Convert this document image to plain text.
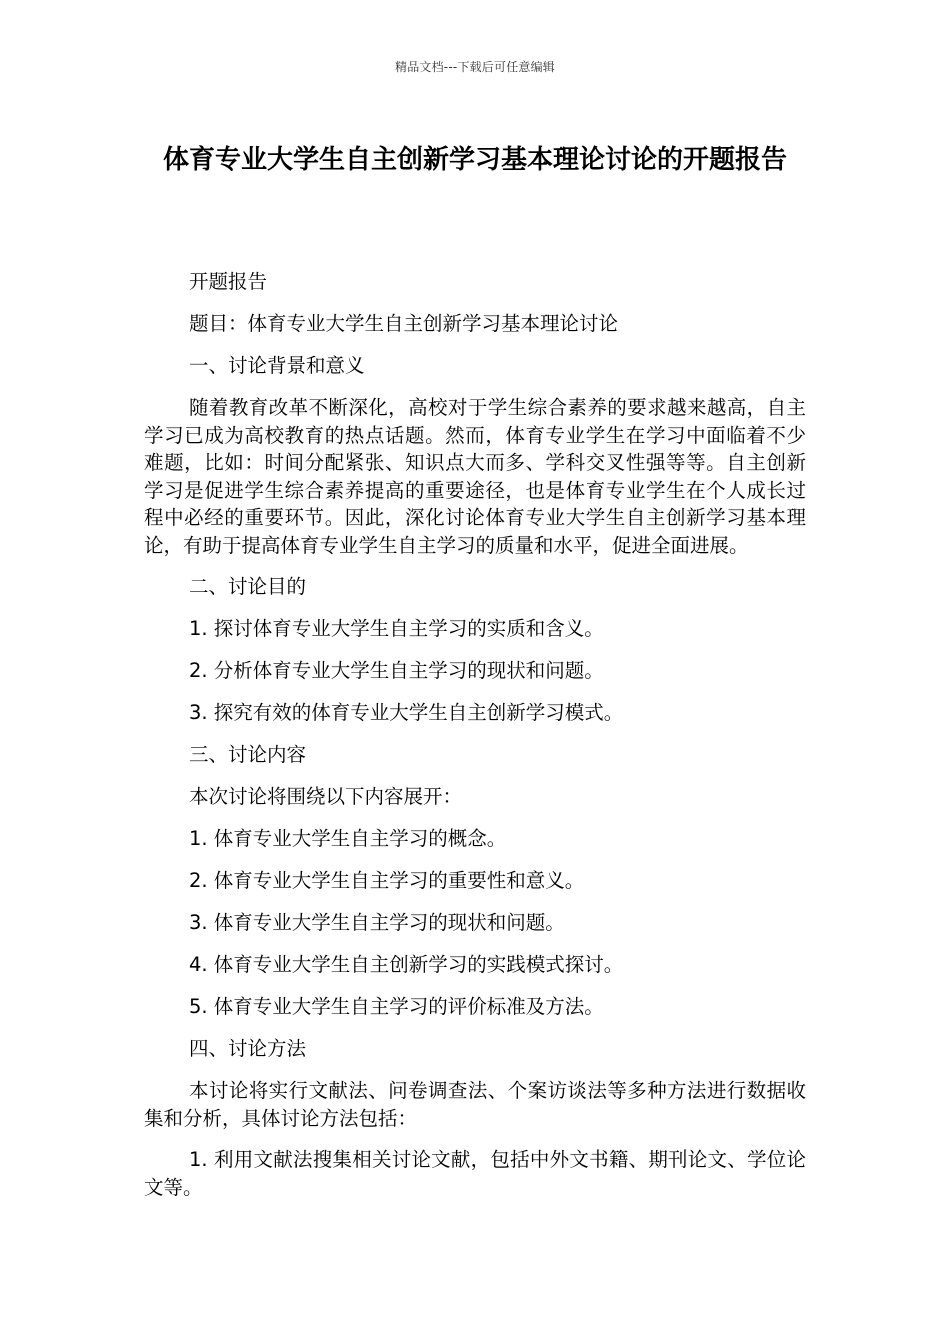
精品文档---下载后可任意编辑
体育专业大学生自主创新学习基本理论讨论的开题报告

开题报告

题目：体育专业大学生自主创新学习基本理论讨论

一、讨论背景和意义

随着教育改革不断深化，高校对于学生综合素养的要求越来越高，自主学习已成为高校教育的热点话题。然而，体育专业学生在学习中面临着不少难题，比如：时间分配紧张、知识点大而多、学科交叉性强等等。自主创新学习是促进学生综合素养提高的重要途径，也是体育专业学生在个人成长过程中必经的重要环节。因此，深化讨论体育专业大学生自主创新学习基本理论，有助于提高体育专业学生自主学习的质量和水平，促进全面进展。

二、讨论目的

1. 探讨体育专业大学生自主学习的实质和含义。

2. 分析体育专业大学生自主学习的现状和问题。

3. 探究有效的体育专业大学生自主创新学习模式。

三、讨论内容

本次讨论将围绕以下内容展开：

1. 体育专业大学生自主学习的概念。

2. 体育专业大学生自主学习的重要性和意义。

3. 体育专业大学生自主学习的现状和问题。

4. 体育专业大学生自主创新学习的实践模式探讨。

5. 体育专业大学生自主学习的评价标准及方法。

四、讨论方法

本讨论将实行文献法、问卷调查法、个案访谈法等多种方法进行数据收集和分析，具体讨论方法包括：

1. 利用文献法搜集相关讨论文献，包括中外文书籍、期刊论文、学位论文等。
